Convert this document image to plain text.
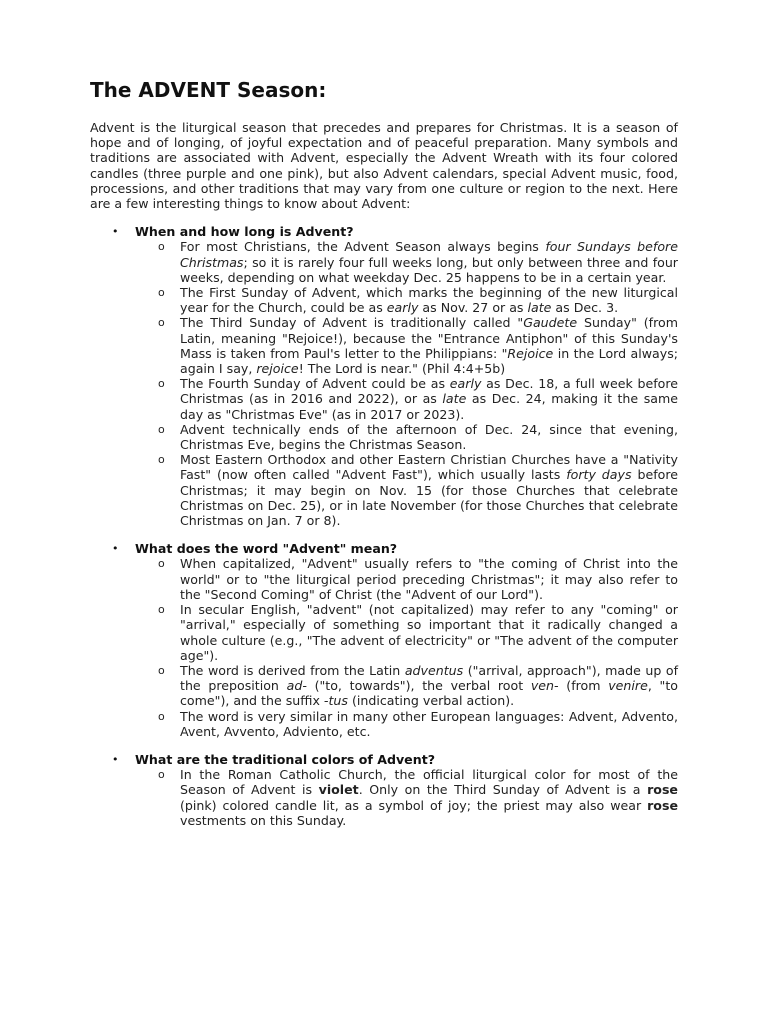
The ADVENT Season:

Advent is the liturgical season that precedes and prepares for Christmas. It is a season of hope and of longing, of joyful expectation and of peaceful preparation. Many symbols and traditions are associated with Advent, especially the Advent Wreath with its four colored candles (three purple and one pink), but also Advent calendars, special Advent music, food, processions, and other traditions that may vary from one culture or region to the next. Here are a few interesting things to know about Advent:

• When and how long is Advent?
o For most Christians, the Advent Season always begins four Sundays before Christmas; so it is rarely four full weeks long, but only between three and four weeks, depending on what weekday Dec. 25 happens to be in a certain year.
o The First Sunday of Advent, which marks the beginning of the new liturgical year for the Church, could be as early as Nov. 27 or as late as Dec. 3.
o The Third Sunday of Advent is traditionally called "Gaudete Sunday" (from Latin, meaning "Rejoice!), because the "Entrance Antiphon" of this Sunday's Mass is taken from Paul's letter to the Philippians: "Rejoice in the Lord always; again I say, rejoice! The Lord is near." (Phil 4:4+5b)
o The Fourth Sunday of Advent could be as early as Dec. 18, a full week before Christmas (as in 2016 and 2022), or as late as Dec. 24, making it the same day as "Christmas Eve" (as in 2017 or 2023).
o Advent technically ends of the afternoon of Dec. 24, since that evening, Christmas Eve, begins the Christmas Season.
o Most Eastern Orthodox and other Eastern Christian Churches have a "Nativity Fast" (now often called "Advent Fast"), which usually lasts forty days before Christmas; it may begin on Nov. 15 (for those Churches that celebrate Christmas on Dec. 25), or in late November (for those Churches that celebrate Christmas on Jan. 7 or 8).
• What does the word "Advent" mean?
o When capitalized, "Advent" usually refers to "the coming of Christ into the world" or to "the liturgical period preceding Christmas"; it may also refer to the "Second Coming" of Christ (the "Advent of our Lord").
o In secular English, "advent" (not capitalized) may refer to any "coming" or "arrival," especially of something so important that it radically changed a whole culture (e.g., "The advent of electricity" or "The advent of the computer age").
o The word is derived from the Latin adventus ("arrival, approach"), made up of the preposition ad- ("to, towards"), the verbal root ven- (from venire, "to come"), and the suffix -tus (indicating verbal action).
o The word is very similar in many other European languages: Advent, Advento, Avent, Avvento, Adviento, etc.
• What are the traditional colors of Advent?
o In the Roman Catholic Church, the official liturgical color for most of the Season of Advent is violet. Only on the Third Sunday of Advent is a rose (pink) colored candle lit, as a symbol of joy; the priest may also wear rose vestments on this Sunday.
